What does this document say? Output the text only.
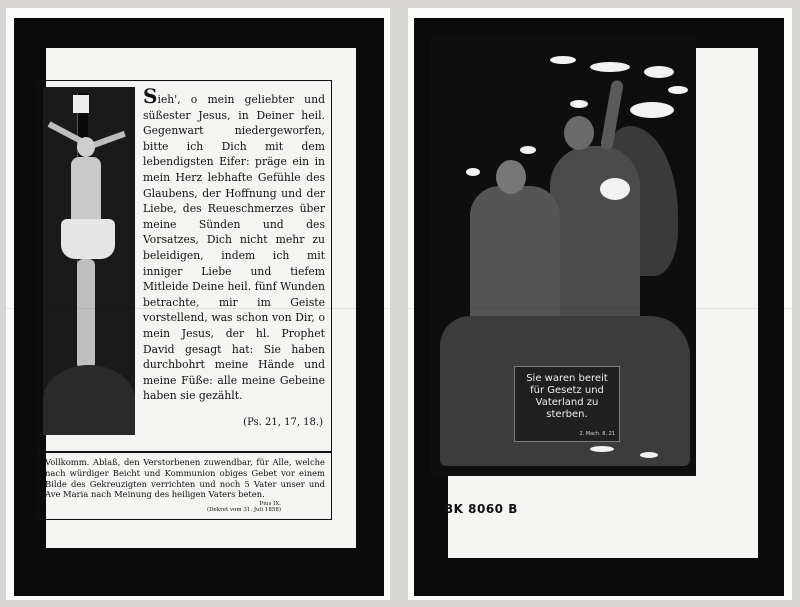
Sieh', o mein geliebter und süßester Jesus, in Deiner heil. Gegenwart niedergeworfen, bitte ich Dich mit dem lebendigsten Eifer: präge ein in mein Herz lebhafte Gefühle des Glaubens, der Hoffnung und der Liebe, des Reueschmerzes über meine Sünden und des Vorsatzes, Dich nicht mehr zu beleidigen, indem ich mit inniger Liebe und tiefem Mitleide Deine heil. fünf Wunden betrachte, mir im Geiste vorstellend, was schon von Dir, o mein Jesus, der hl. Prophet David gesagt hat: Sie haben durchbohrt meine Hände und meine Füße: alle meine Gebeine haben sie gezählt.
(Ps. 21, 17, 18.)
Vollkomm. Ablaß, den Verstorbenen zuwendbar, für Alle, welche nach würdiger Beicht und Kommunion obiges Gebet vor einem Bilde des Gekreuzigten verrichten und noch 5 Vater unser und Ave Maria nach Meinung des heiligen Vaters beten.
Pius IX.
(Dekret vom 31. Juli 1858)
Sie waren bereit
für Gesetz und
Vaterland zu
sterben.
2. Mach. 8, 21
BK 8060 B
